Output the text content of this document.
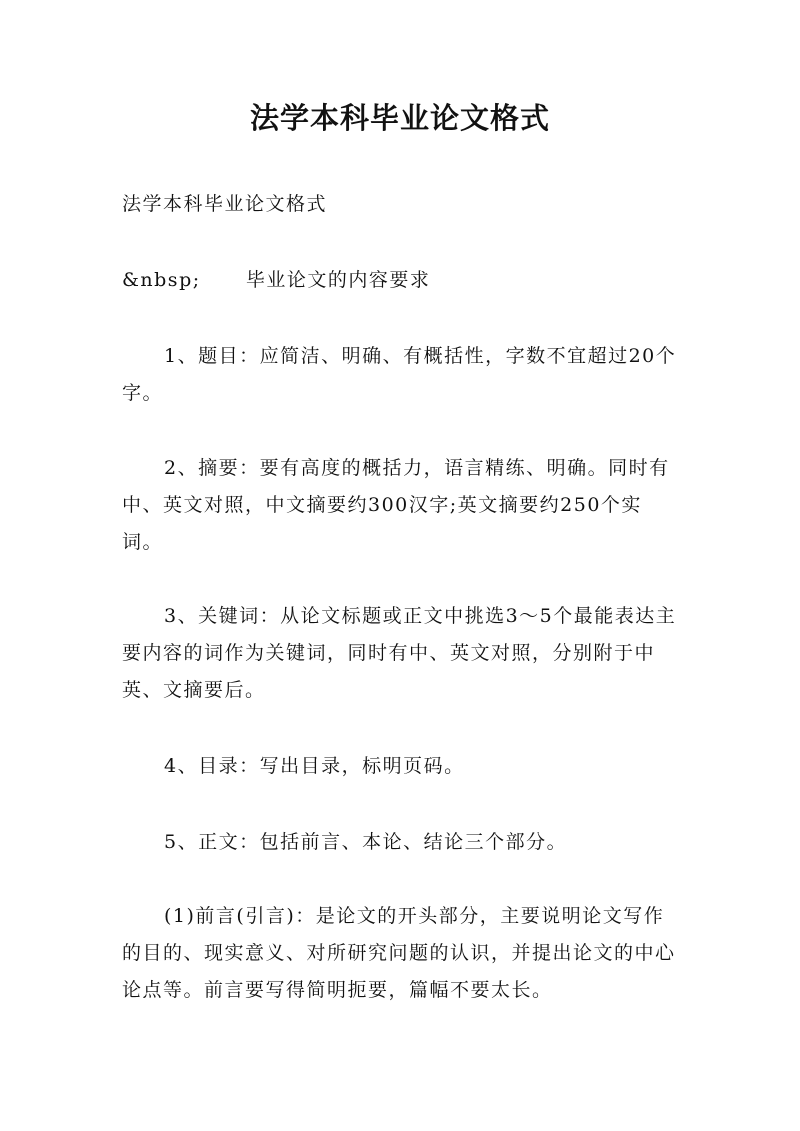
法学本科毕业论文格式
法学本科毕业论文格式
&nbsp;      毕业论文的内容要求
1、题目：应简洁、明确、有概括性，字数不宜超过20个字。
2、摘要：要有高度的概括力，语言精练、明确。同时有中、英文对照，中文摘要约300汉字;英文摘要约250个实词。
3、关键词：从论文标题或正文中挑选3～5个最能表达主要内容的词作为关键词，同时有中、英文对照，分别附于中英、文摘要后。
4、目录：写出目录，标明页码。
5、正文：包括前言、本论、结论三个部分。
(1)前言(引言)：是论文的开头部分，主要说明论文写作的目的、现实意义、对所研究问题的认识，并提出论文的中心论点等。前言要写得简明扼要，篇幅不要太长。
